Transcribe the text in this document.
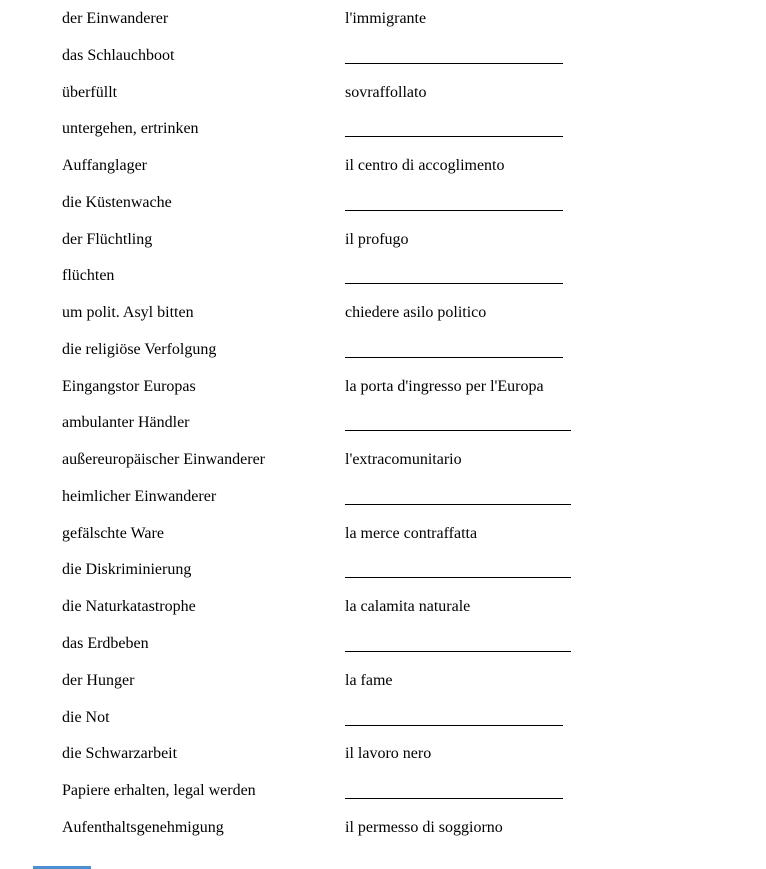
der Einwanderer	l'immigrante
das Schlauchboot
überfüllt	sovraffollato
untergehen, ertrinken
Auffanglager	il centro di accoglimento
die Küstenwache
der Flüchtling	il profugo
flüchten
um polit. Asyl bitten	chiedere asilo politico
die religiöse Verfolgung
Eingangstor Europas	la porta d'ingresso per l'Europa
ambulanter Händler
außereuropäischer Einwanderer	l'extracomunitario
heimlicher Einwanderer
gefälschte Ware	la merce contraffatta
die Diskriminierung
die Naturkatastrophe	la calamita naturale
das Erdbeben
der Hunger	la fame
die Not
die Schwarzarbeit	il lavoro nero
Papiere erhalten, legal werden
Aufenthaltsgenehmigung	il permesso di soggiorno
